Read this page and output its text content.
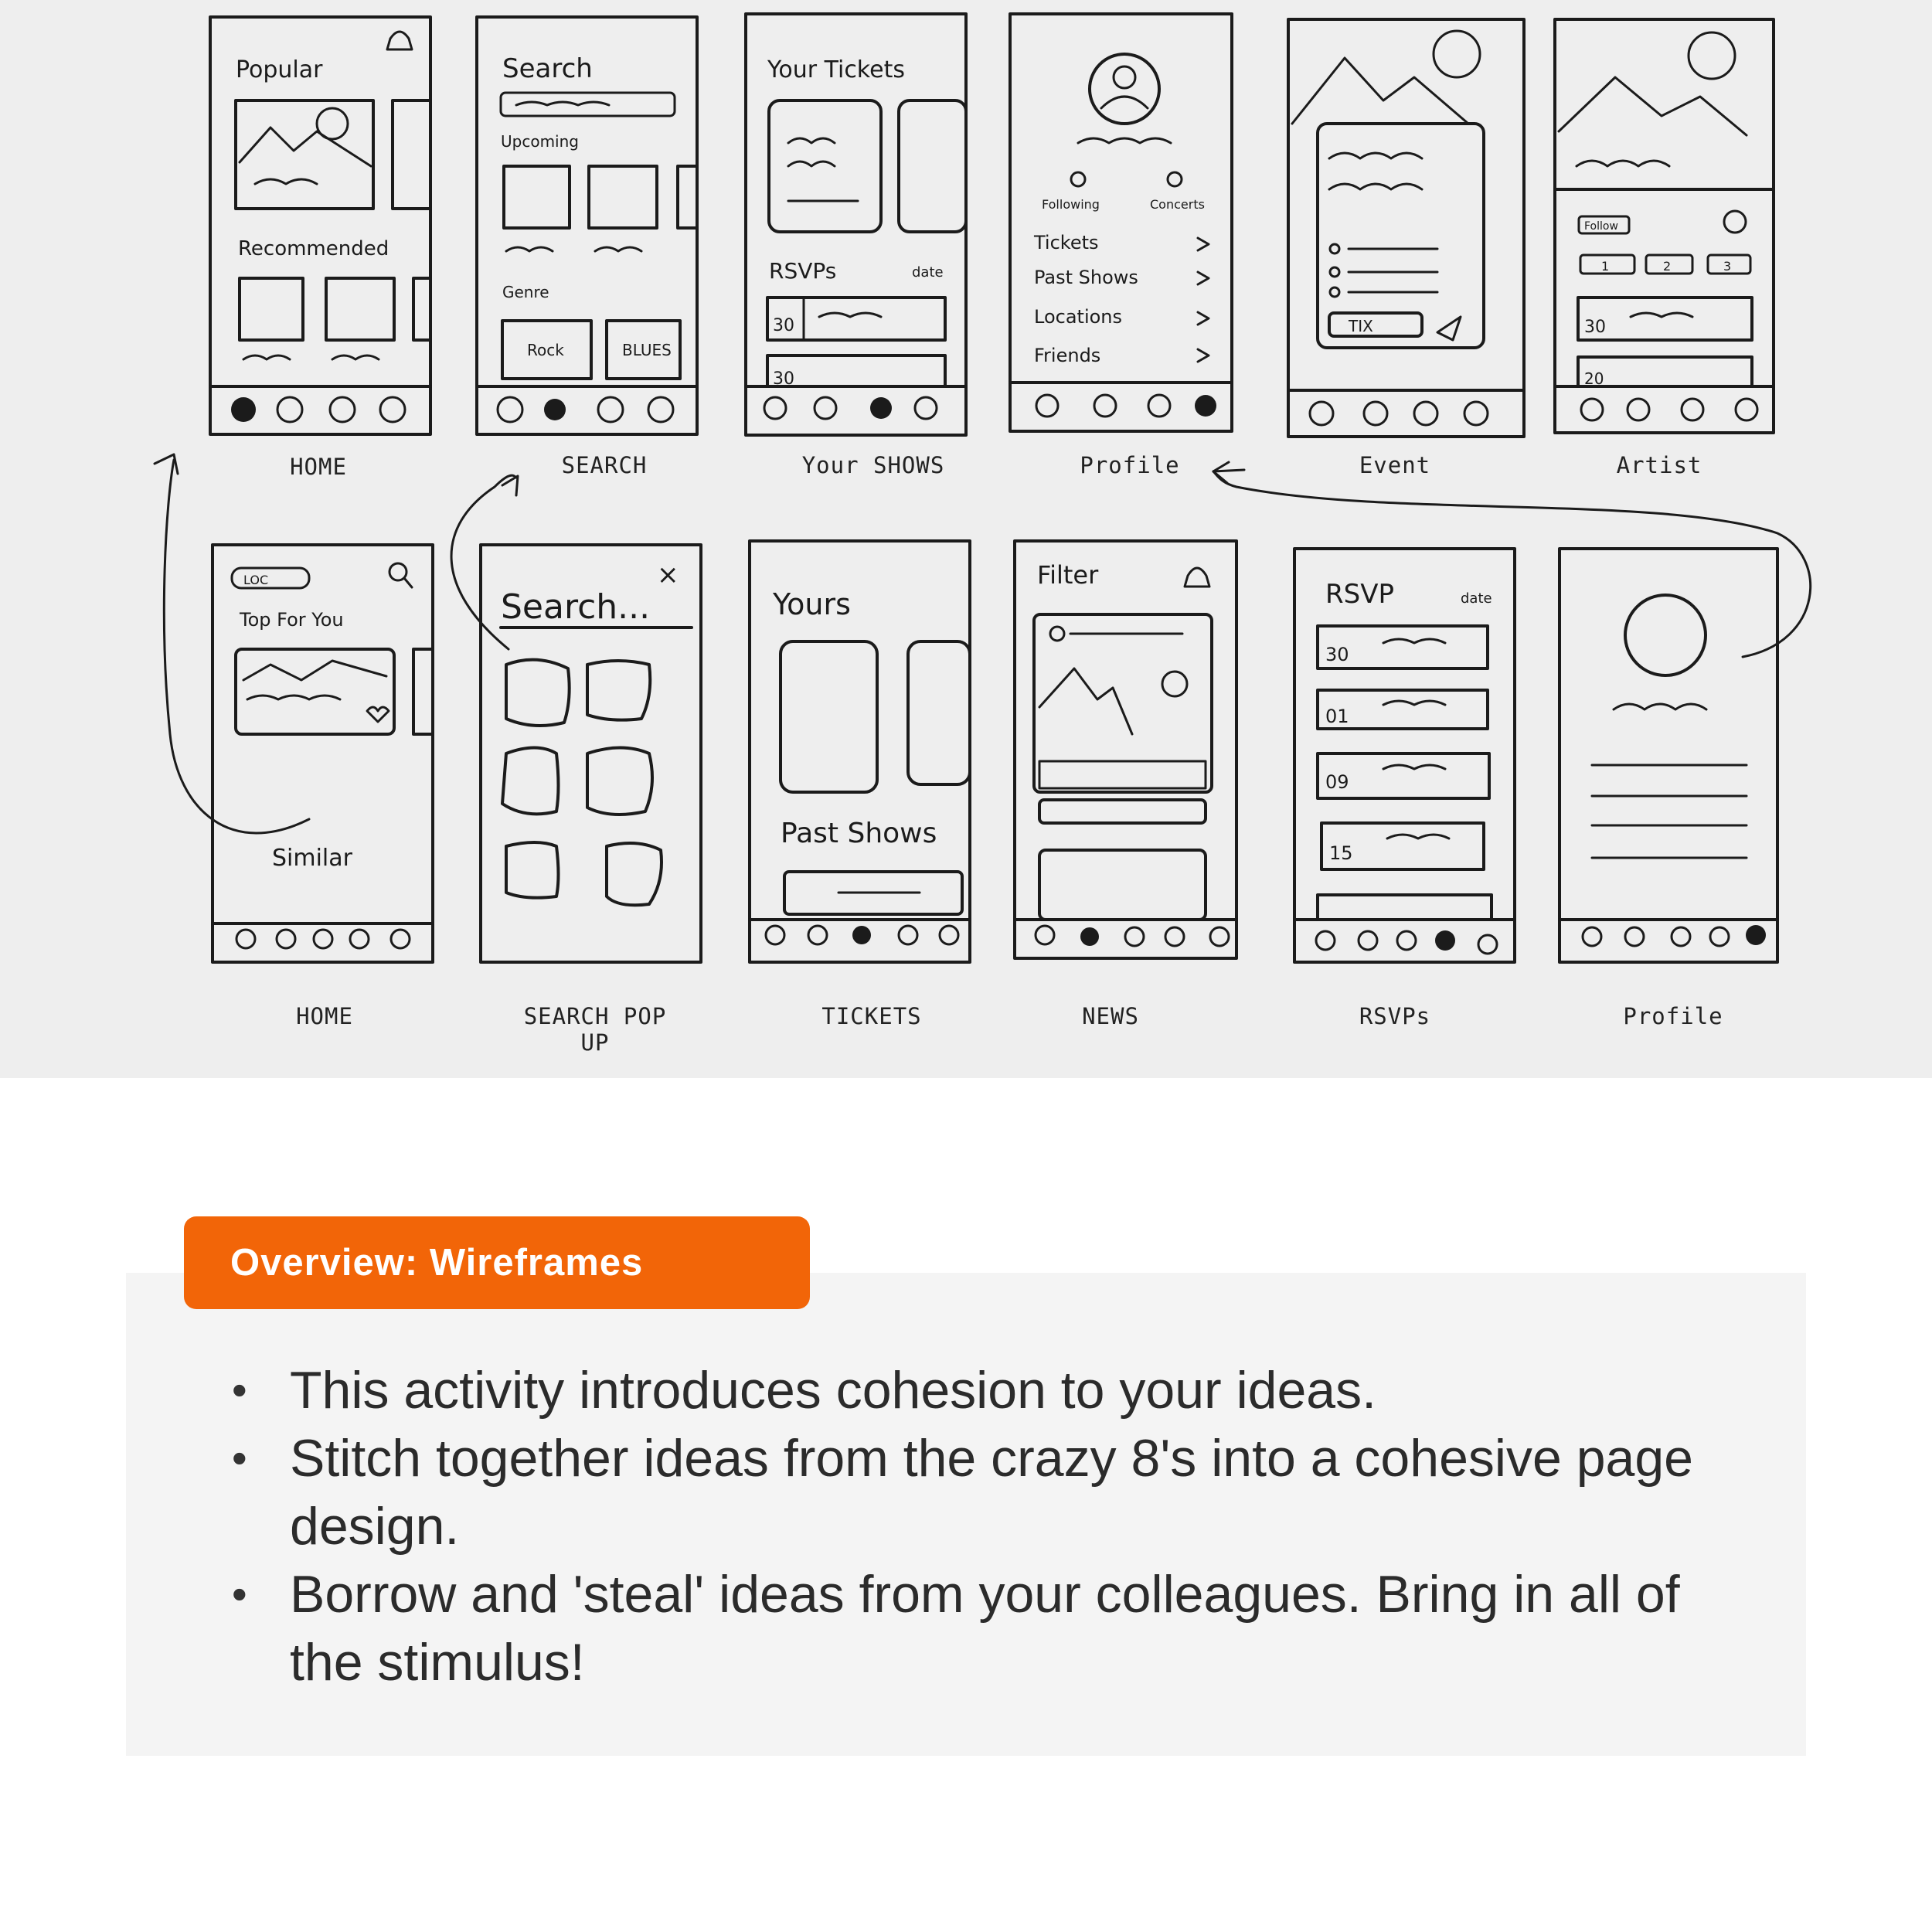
Popular
Recommended
Search
Upcoming
Genre
Rock	BLUES
Your Tickets
RSVPs	date
30
30
Following	Concerts
Tickets
Past Shows
Locations
Friends
TIX
Follow
1	2	3
30
20
LOC
Top For You
Similar
Search...
×
Yours
Past Shows
Filter
RSVP	date
30
01
09
15
HOME	SEARCH	Your SHOWS	Profile	Event	Artist
HOME	SEARCH POP UP
TICKETS	NEWS	RSVPs	Profile
Overview: Wireframes
• This activity introduces cohesion to your ideas.
• Stitch together ideas from the crazy 8's into a cohesive page design.
• Borrow and 'steal' ideas from your colleagues. Bring in all of the stimulus!
